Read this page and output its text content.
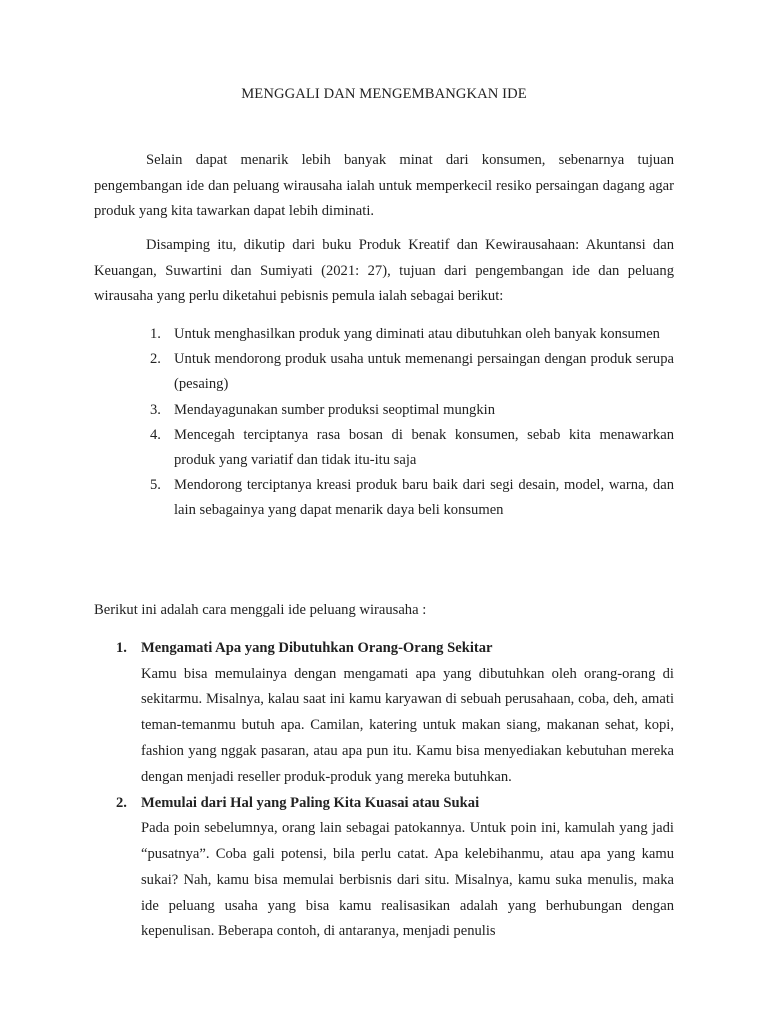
MENGGALI DAN MENGEMBANGKAN IDE

Selain dapat menarik lebih banyak minat dari konsumen, sebenarnya tujuan pengembangan ide dan peluang wirausaha ialah untuk memperkecil resiko persaingan dagang agar produk yang kita tawarkan dapat lebih diminati.

Disamping itu, dikutip dari buku Produk Kreatif dan Kewirausahaan: Akuntansi dan Keuangan, Suwartini dan Sumiyati (2021: 27), tujuan dari pengembangan ide dan peluang wirausaha yang perlu diketahui pebisnis pemula ialah sebagai berikut:

1. Untuk menghasilkan produk yang diminati atau dibutuhkan oleh banyak konsumen
2. Untuk mendorong produk usaha untuk memenangi persaingan dengan produk serupa (pesaing)
3. Mendayagunakan sumber produksi seoptimal mungkin
4. Mencegah terciptanya rasa bosan di benak konsumen, sebab kita menawarkan produk yang variatif dan tidak itu-itu saja
5. Mendorong terciptanya kreasi produk baru baik dari segi desain, model, warna, dan lain sebagainya yang dapat menarik daya beli konsumen
Berikut ini adalah cara menggali ide peluang wirausaha :
1. Mengamati Apa yang Dibutuhkan Orang-Orang Sekitar
Kamu bisa memulainya dengan mengamati apa yang dibutuhkan oleh orang-orang di sekitarmu. Misalnya, kalau saat ini kamu karyawan di sebuah perusahaan, coba, deh, amati teman-temanmu butuh apa. Camilan, katering untuk makan siang, makanan sehat, kopi, fashion yang nggak pasaran, atau apa pun itu. Kamu bisa menyediakan kebutuhan mereka dengan menjadi reseller produk-produk yang mereka butuhkan.
2. Memulai dari Hal yang Paling Kita Kuasai atau Sukai
Pada poin sebelumnya, orang lain sebagai patokannya. Untuk poin ini, kamulah yang jadi “pusatnya”. Coba gali potensi, bila perlu catat. Apa kelebihanmu, atau apa yang kamu sukai? Nah, kamu bisa memulai berbisnis dari situ. Misalnya, kamu suka menulis, maka ide peluang usaha yang bisa kamu realisasikan adalah yang berhubungan dengan kepenulisan. Beberapa contoh, di antaranya, menjadi penulis
